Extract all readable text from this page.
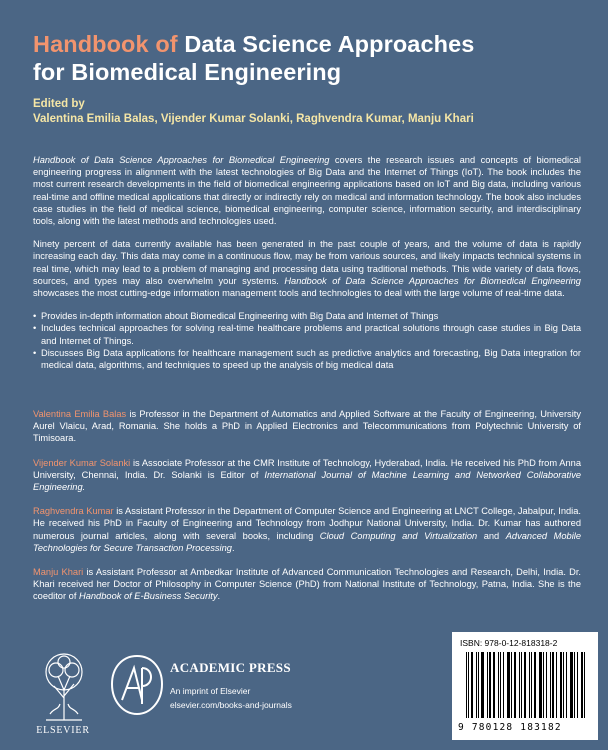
Handbook of Data Science Approaches
for Biomedical Engineering
Edited by
Valentina Emilia Balas, Vijender Kumar Solanki, Raghvendra Kumar, Manju Khari

Handbook of Data Science Approaches for Biomedical Engineering covers the research issues and concepts of biomedical engineering progress in alignment with the latest technologies of Big Data and the Internet of Things (IoT). The book includes the most current research developments in the field of biomedical engineering applications based on IoT and Big data, including various real-time and offline medical applications that directly or indirectly rely on medical and information technology. The book also includes case studies in the field of medical science, biomedical engineering, computer science, information security, and interdisciplinary tools, along with the latest methods and technologies used.

Ninety percent of data currently available has been generated in the past couple of years, and the volume of data is rapidly increasing each day. This data may come in a continuous flow, may be from various sources, and likely impacts technical systems in real time, which may lead to a problem of managing and processing data using traditional methods. This wide variety of data flows, sources, and types may also overwhelm your systems. Handbook of Data Science Approaches for Biomedical Engineering showcases the most cutting-edge information management tools and technologies to deal with the large volume of real-time data.

• Provides in-depth information about Biomedical Engineering with Big Data and Internet of Things
• Includes technical approaches for solving real-time healthcare problems and practical solutions through case studies in Big Data and Internet of Things.
• Discusses Big Data applications for healthcare management such as predictive analytics and forecasting, Big Data integration for medical data, algorithms, and techniques to speed up the analysis of big medical data

Valentina Emilia Balas is Professor in the Department of Automatics and Applied Software at the Faculty of Engineering, University Aurel Vlaicu, Arad, Romania. She holds a PhD in Applied Electronics and Telecommunications from Polytechnic University of Timisoara.

Vijender Kumar Solanki is Associate Professor at the CMR Institute of Technology, Hyderabad, India. He received his PhD from Anna University, Chennai, India. Dr. Solanki is Editor of International Journal of Machine Learning and Networked Collaborative Engineering.

Raghvendra Kumar is Assistant Professor in the Department of Computer Science and Engineering at LNCT College, Jabalpur, India. He received his PhD in Faculty of Engineering and Technology from Jodhpur National University, India. Dr. Kumar has authored numerous journal articles, along with several books, including Cloud Computing and Virtualization and Advanced Mobile Technologies for Secure Transaction Processing.

Manju Khari is Assistant Professor at Ambedkar Institute of Advanced Communication Technologies and Research, Delhi, India. Dr. Khari received her Doctor of Philosophy in Computer Science (PhD) from National Institute of Technology, Patna, India. She is the coeditor of Handbook of E-Business Security.

ELSEVIER
ACADEMIC PRESS
An imprint of Elsevier
elsevier.com/books-and-journals
ISBN: 978-0-12-818318-2
9 780128 183182
